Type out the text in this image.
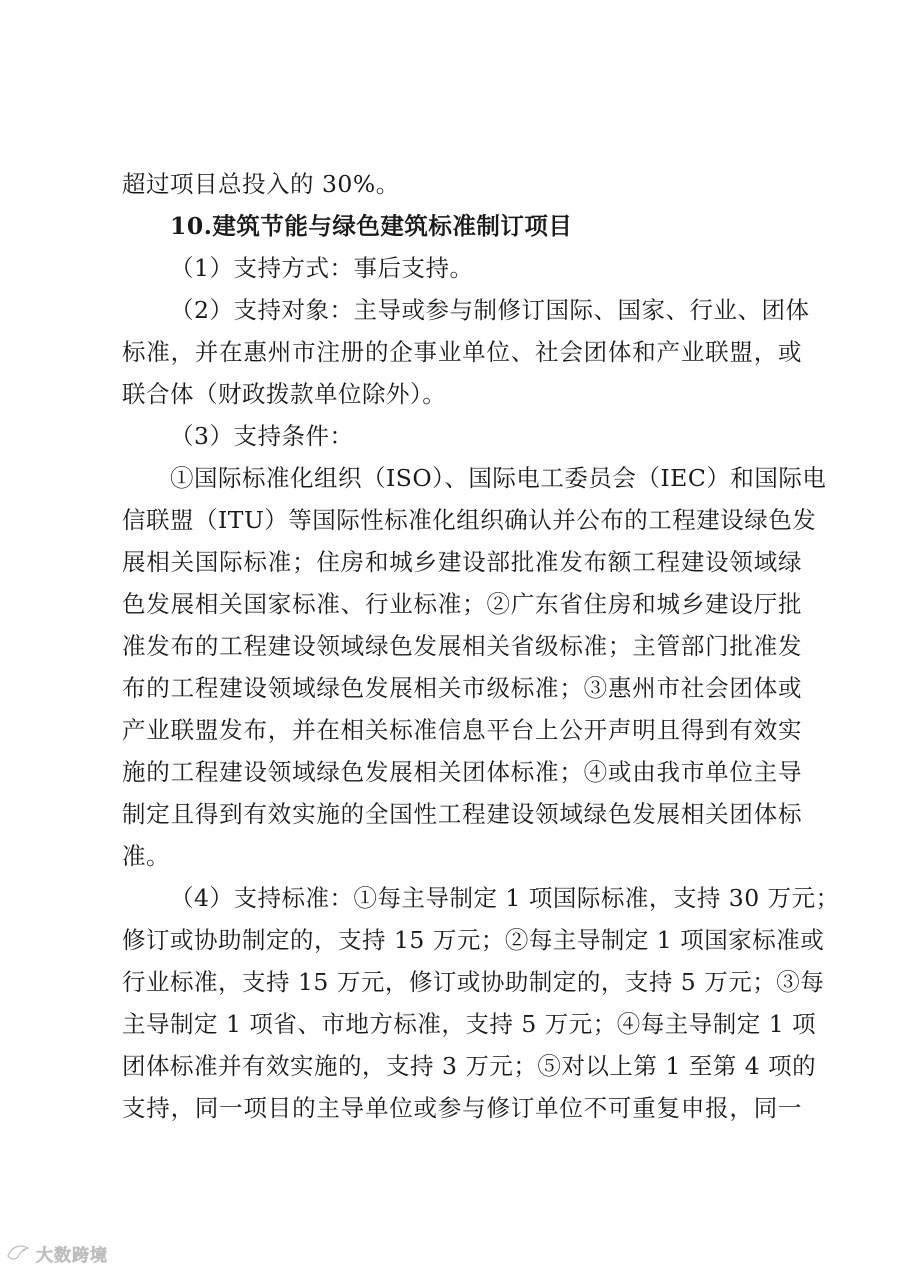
超过项目总投入的 30%。
10.建筑节能与绿色建筑标准制订项目
（1）支持方式：事后支持。
（2）支持对象：主导或参与制修订国际、国家、行业、团体
标准，并在惠州市注册的企事业单位、社会团体和产业联盟，或
联合体（财政拨款单位除外）。
（3）支持条件：
①国际标准化组织（ISO）、国际电工委员会（IEC）和国际电
信联盟（ITU）等国际性标准化组织确认并公布的工程建设绿色发
展相关国际标准；住房和城乡建设部批准发布额工程建设领域绿
色发展相关国家标准、行业标准；②广东省住房和城乡建设厅批
准发布的工程建设领域绿色发展相关省级标准；主管部门批准发
布的工程建设领域绿色发展相关市级标准；③惠州市社会团体或
产业联盟发布，并在相关标准信息平台上公开声明且得到有效实
施的工程建设领域绿色发展相关团体标准；④或由我市单位主导
制定且得到有效实施的全国性工程建设领域绿色发展相关团体标
准。
（4）支持标准：①每主导制定 1 项国际标准，支持 30 万元；
修订或协助制定的，支持 15 万元；②每主导制定 1 项国家标准或
行业标准，支持 15 万元，修订或协助制定的，支持 5 万元；③每
主导制定 1 项省、市地方标准，支持 5 万元；④每主导制定 1 项
团体标准并有效实施的，支持 3 万元；⑤对以上第 1 至第 4 项的
支持，同一项目的主导单位或参与修订单位不可重复申报，同一
大数跨境
